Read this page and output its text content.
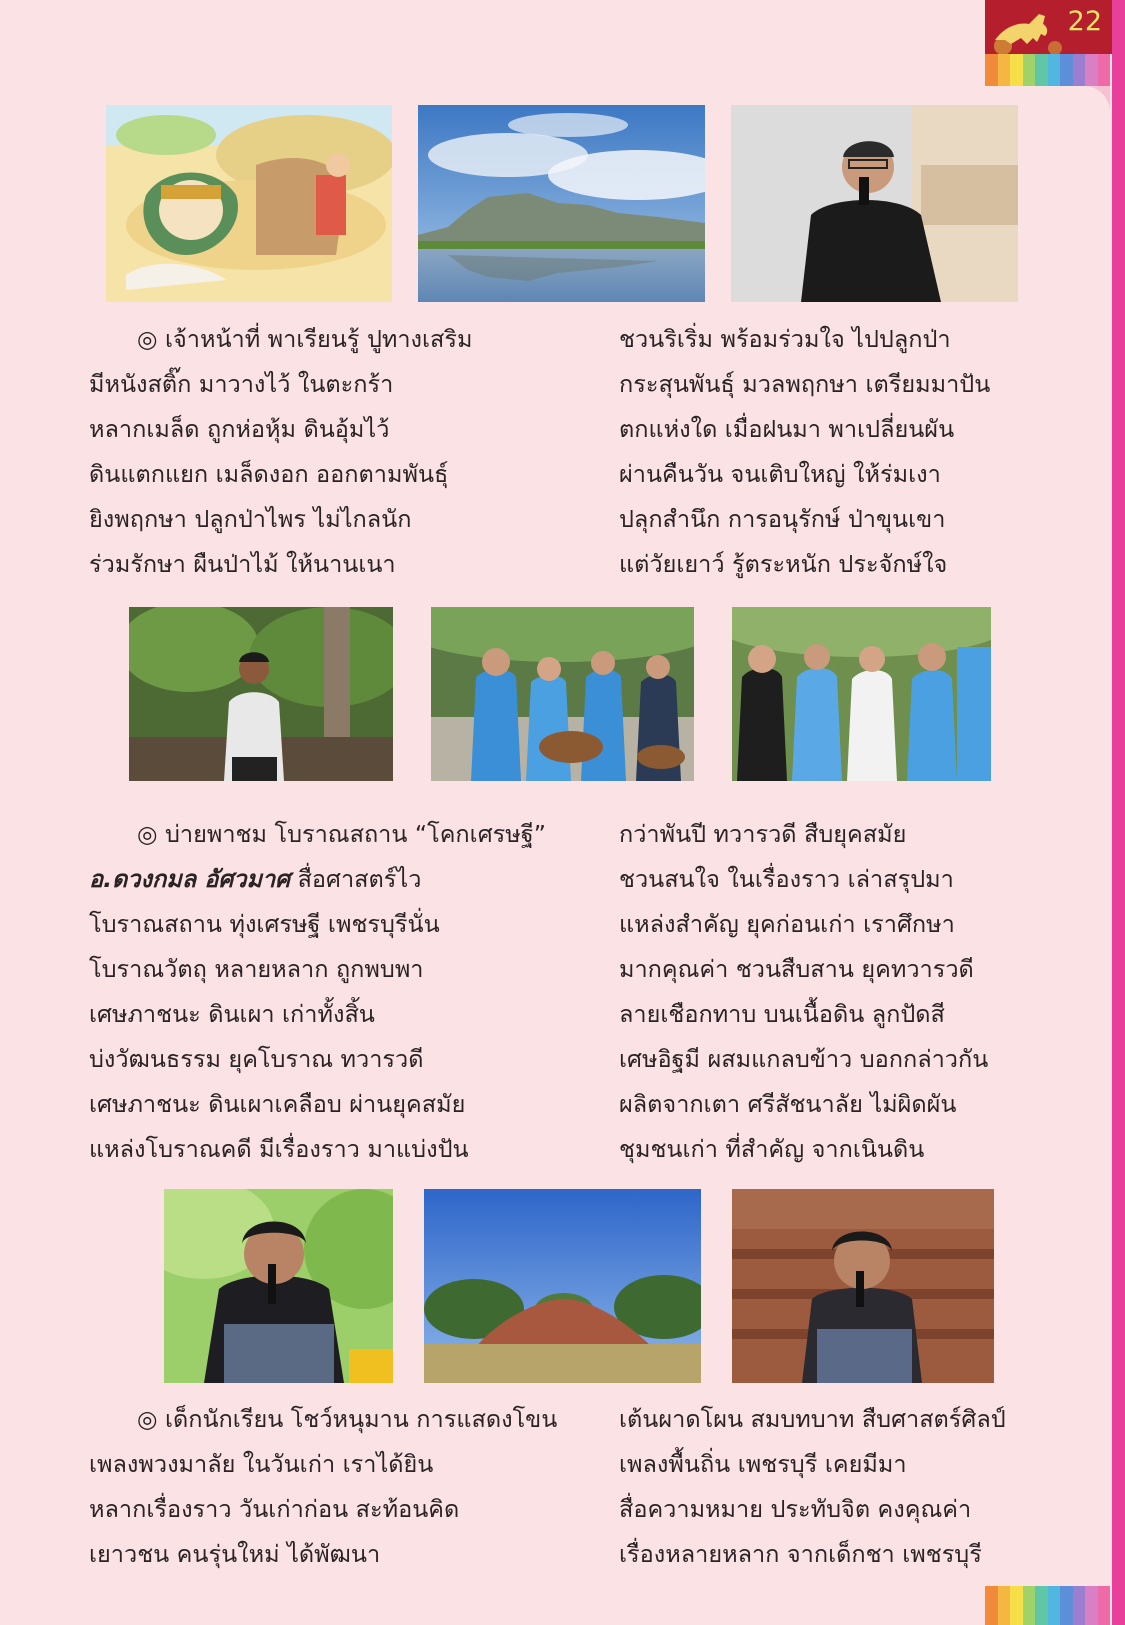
22
◎ เจ้าหน้าที่ พาเรียนรู้ ปูทางเสริม
มีหนังสติ๊ก มาวางไว้ ในตะกร้า
หลากเมล็ด ถูกห่อหุ้ม ดินอุ้มไว้
ดินแตกแยก เมล็ดงอก ออกตามพันธุ์
ยิงพฤกษา ปลูกป่าไพร ไม่ไกลนัก
ร่วมรักษา ผืนป่าไม้ ให้นานเนา
ชวนริเริ่ม พร้อมร่วมใจ ไปปลูกป่า
กระสุนพันธุ์ มวลพฤกษา เตรียมมาปัน
ตกแห่งใด เมื่อฝนมา พาเปลี่ยนผัน
ผ่านคืนวัน จนเติบใหญ่ ให้ร่มเงา
ปลุกสำนึก การอนุรักษ์ ป่าขุนเขา
แต่วัยเยาว์ รู้ตระหนัก ประจักษ์ใจ
◎ บ่ายพาชม โบราณสถาน “โคกเศรษฐี”
อ.ดวงกมล อัศวมาศ สื่อศาสตร์ไว
โบราณสถาน ทุ่งเศรษฐี เพชรบุรีนั่น
โบราณวัตถุ หลายหลาก ถูกพบพา
เศษภาชนะ ดินเผา เก่าทั้งสิ้น
บ่งวัฒนธรรม ยุคโบราณ ทวารวดี
เศษภาชนะ ดินเผาเคลือบ ผ่านยุคสมัย
แหล่งโบราณคดี มีเรื่องราว มาแบ่งปัน
กว่าพันปี ทวารวดี สืบยุคสมัย
ชวนสนใจ ในเรื่องราว เล่าสรุปมา
แหล่งสำคัญ ยุคก่อนเก่า เราศึกษา
มากคุณค่า ชวนสืบสาน ยุคทวารวดี
ลายเชือกทาบ บนเนื้อดิน ลูกปัดสี
เศษอิฐมี ผสมแกลบข้าว บอกกล่าวกัน
ผลิตจากเตา ศรีสัชนาลัย ไม่ผิดผัน
ชุมชนเก่า ที่สำคัญ จากเนินดิน
◎ เด็กนักเรียน โชว์หนุมาน การแสดงโขน
เพลงพวงมาลัย ในวันเก่า เราได้ยิน
หลากเรื่องราว วันเก่าก่อน สะท้อนคิด
เยาวชน คนรุ่นใหม่ ได้พัฒนา
เต้นผาดโผน สมบทบาท สืบศาสตร์ศิลป์
เพลงพื้นถิ่น เพชรบุรี เคยมีมา
สื่อความหมาย ประทับจิต คงคุณค่า
เรื่องหลายหลาก จากเด็กชา เพชรบุรี
